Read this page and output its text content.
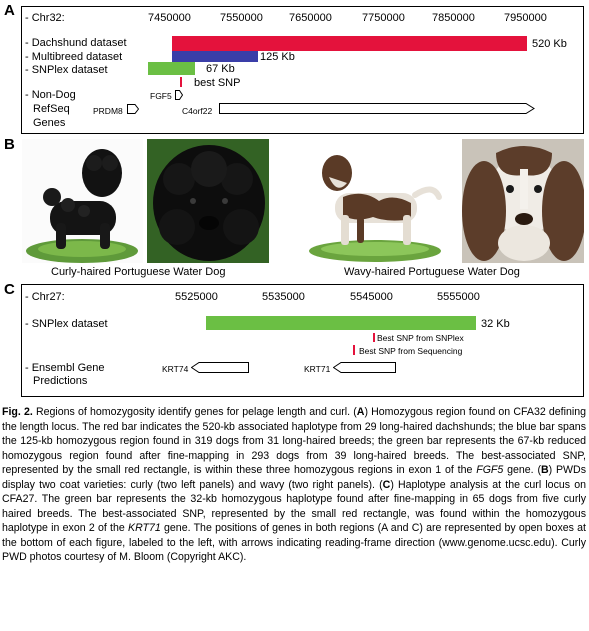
A - Chr32:	7450000	7550000 7650000	7750000 7850000	7950000
- Dachshund dataset	520 Kb
- Multibreed dataset	125 Kb
- SNPlex dataset	67 Kb
best SNP
- Non-Dog
RefSeq
Genes
PRDM8
FGF5
C4orf22
B
Curly-haired Portuguese Water Dog	Wavy-haired Portuguese Water Dog
C - Chr27:	5525000	5535000	5545000	5555000
- SNPlex dataset	32 Kb
Best SNP from SNPlex
Best SNP from Sequencing
- Ensembl Gene
Predictions
KRT74	KRT71
Fig. 2. Regions of homozygosity identify genes for pelage length and curl. (A) Homozygous region found on CFA32 defining the length locus. The red bar indicates the 520-kb associated haplotype from 29 long-haired dachshunds; the blue bar spans the 125-kb homozygous region found in 319 dogs from 31 long-haired breeds; the green bar represents the 67-kb reduced homozygous region found after fine-mapping in 293 dogs from 39 long-haired breeds. The best-associated SNP, represented by the small red rectangle, is within these three homozygous regions in exon 1 of the FGF5 gene. (B) PWDs display two coat varieties: curly (two left panels) and wavy (two right panels). (C) Haplotype analysis at the curl locus on CFA27. The green bar represents the 32-kb homozygous haplotype found after fine-mapping in 65 dogs from five curly haired breeds. The best-associated SNP, represented by the small red rectangle, was found within the homozygous haplotype in exon 2 of the KRT71 gene. The positions of genes in both regions (A and C) are represented by open boxes at the bottom of each figure, labeled to the left, with arrows indicating reading-frame direction (www.genome.ucsc.edu). Curly PWD photos courtesy of M. Bloom (Copyright AKC).
